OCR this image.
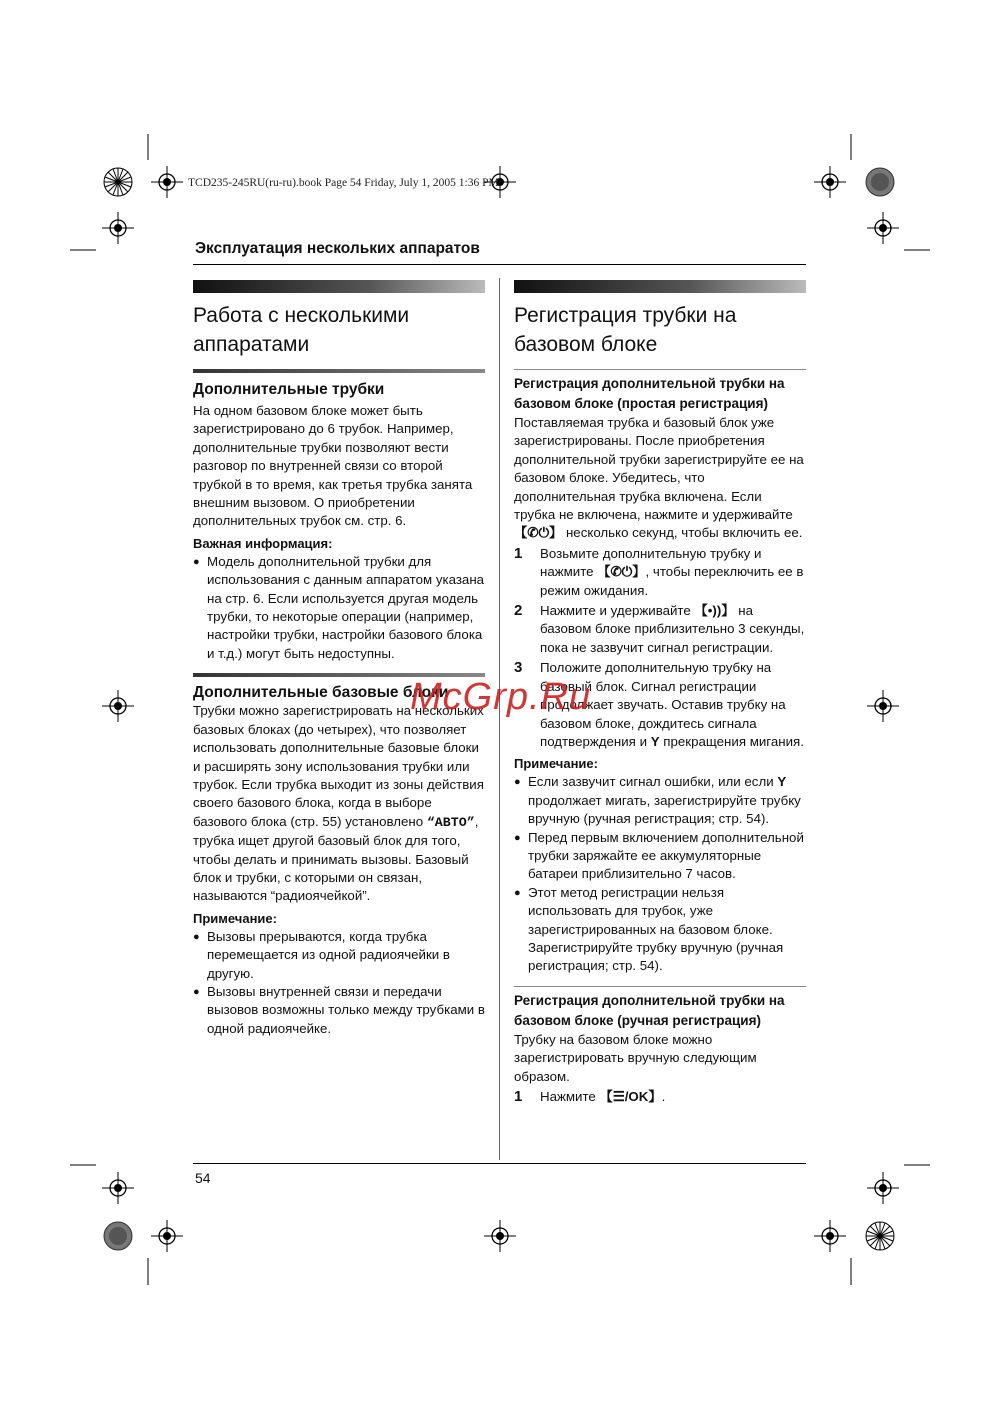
TCD235-245RU(ru-ru).book Page 54 Friday, July 1, 2005 1:36 PM
Эксплуатация нескольких аппаратов
Работа с несколькими аппаратами
Дополнительные трубки
На одном базовом блоке может быть зарегистрировано до 6 трубок. Например, дополнительные трубки позволяют вести разговор по внутренней связи со второй трубкой в то время, как третья трубка занята внешним вызовом. О приобретении дополнительных трубок см. стр. 6.
Важная информация:
● Модель дополнительной трубки для использования с данным аппаратом указана на стр. 6. Если используется другая модель трубки, то некоторые операции (например, настройки трубки, настройки базового блока и т.д.) могут быть недоступны.
Дополнительные базовые блоки
Трубки можно зарегистрировать на нескольких базовых блоках (до четырех), что позволяет использовать дополнительные базовые блоки и расширять зону использования трубки или трубок. Если трубка выходит из зоны действия своего базового блока, когда в выборе базового блока (стр. 55) установлено “АВТО”, трубка ищет другой базовый блок для того, чтобы делать и принимать вызовы. Базовый блок и трубки, с которыми он связан, называются “радиоячейкой”.
Примечание:
● Вызовы прерываются, когда трубка перемещается из одной радиоячейки в другую.
● Вызовы внутренней связи и передачи вызовов возможны только между трубками в одной радиоячейке.
Регистрация трубки на базовом блоке
Регистрация дополнительной трубки на базовом блоке (простая регистрация)
Поставляемая трубка и базовый блок уже зарегистрированы. После приобретения дополнительной трубки зарегистрируйте ее на базовом блоке. Убедитесь, что дополнительная трубка включена. Если трубка не включена, нажмите и удерживайте 【✆⏻】 несколько секунд, чтобы включить ее.
1	Возьмите дополнительную трубку и нажмите 【✆⏻】, чтобы переключить ее в режим ожидания.
2	Нажмите и удерживайте 【•))】 на базовом блоке приблизительно 3 секунды, пока не зазвучит сигнал регистрации.
3	Положите дополнительную трубку на базовый блок. Сигнал регистрации продолжает звучать. Оставив трубку на базовом блоке, дождитесь сигнала подтверждения и Y прекращения мигания.
Примечание:
● Если зазвучит сигнал ошибки, или если Y продолжает мигать, зарегистрируйте трубку вручную (ручная регистрация; стр. 54).
● Перед первым включением дополнительной трубки заряжайте ее аккумуляторные батареи приблизительно 7 часов.
● Этот метод регистрации нельзя использовать для трубок, уже зарегистрированных на базовом блоке. Зарегистрируйте трубку вручную (ручная регистрация; стр. 54).
Регистрация дополнительной трубки на базовом блоке (ручная регистрация)
Трубку на базовом блоке можно зарегистрировать вручную следующим образом.
1	Нажмите 【☰/OK】.
McGrp.Ru
54
